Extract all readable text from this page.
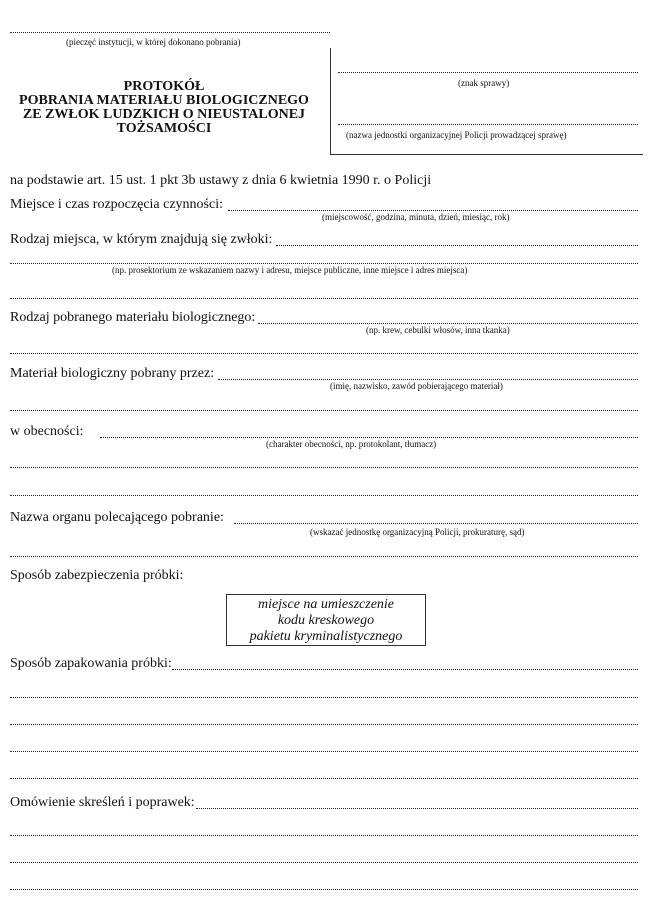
(pieczęć instytucji, w której dokonano pobrania)
(znak sprawy)
(nazwa jednostki organizacyjnej Policji prowadzącej sprawę)
PROTOKÓŁ
POBRANIA MATERIAŁU BIOLOGICZNEGO
ZE ZWŁOK LUDZKICH O NIEUSTALONEJ
TOŻSAMOŚCI
na podstawie art. 15 ust. 1 pkt 3b ustawy z dnia 6 kwietnia 1990 r. o Policji
Miejsce i czas rozpoczęcia czynności:
(miejscowość, godzina, minuta, dzień, miesiąc, rok)
Rodzaj miejsca, w którym znajdują się zwłoki:
(np. prosektorium ze wskazaniem nazwy i adresu, miejsce publiczne, inne miejsce i adres miejsca)
Rodzaj pobranego materiału biologicznego:
(np. krew, cebulki włosów, inna tkanka)
Materiał biologiczny pobrany przez:
(imię, nazwisko, zawód pobierającego materiał)
w obecności:
(charakter obecności, np. protokolant, tłumacz)
Nazwa organu polecającego pobranie:
(wskazać jednostkę organizacyjną Policji, prokuraturę, sąd)
Sposób zabezpieczenia próbki:
miejsce na umieszczenie
kodu kreskowego
pakietu kryminalistycznego
Sposób zapakowania próbki:
Omówienie skreśleń i poprawek:
